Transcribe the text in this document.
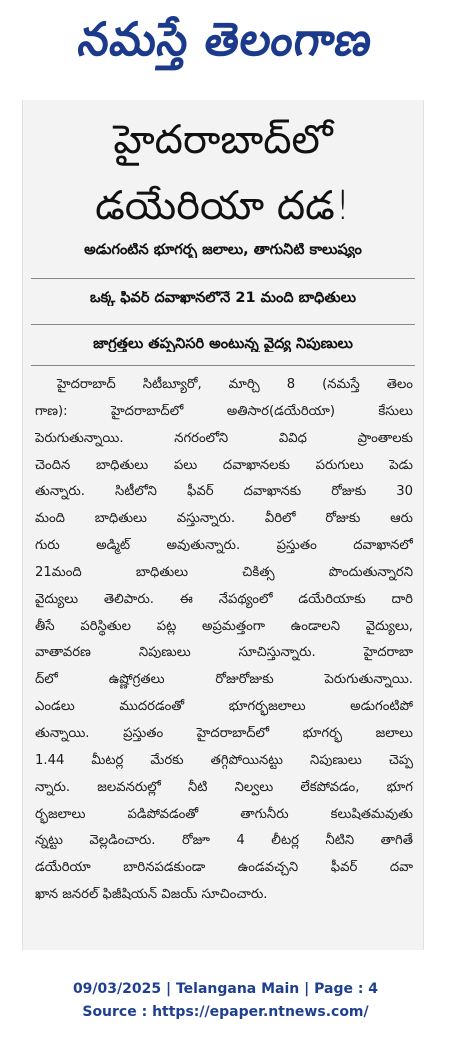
నమస్తే తెలంగాణ
హైదరాబాద్‌లో
డయేరియా దడ!
అడుగంటిన భూగర్భ జలాలు, తాగునీటి కాలుష్యం
ఒక్క ఫీవర్‌ దవాఖానలోనే 21 మంది బాధితులు
జాగ్రత్తలు తప్పనిసరి అంటున్న వైద్య నిపుణులు
హైదరాబాద్‌ సిటీబ్యూరో, మార్చి 8 (నమస్తే తెలం
గాణ): హైదరాబాద్‌లో అతిసార(డయేరియా) కేసులు
పెరుగుతున్నాయి. నగరంలోని వివిధ ప్రాంతాలకు
చెందిన బాధితులు పలు దవాఖానలకు పరుగులు పెడు
తున్నారు. సిటీలోని ఫీవర్‌ దవాఖానకు రోజుకు 30
మంది బాధితులు వస్తున్నారు. వీరిలో రోజుకు ఆరు
గురు అడ్మిట్‌ అవుతున్నారు. ప్రస్తుతం దవాఖానలో
21మంది బాధితులు చికిత్స పొందుతున్నారని
వైద్యులు తెలిపారు. ఈ నేపథ్యంలో డయేరియాకు దారి
తీసే పరిస్థితుల పట్ల అప్రమత్తంగా ఉండాలని వైద్యులు,
వాతావరణ నిపుణులు సూచిస్తున్నారు. హైదరాబా
ద్‌లో ఉష్ణోగ్రతలు రోజురోజుకు పెరుగుతున్నాయి.
ఎండలు ముదరడంతో భూగర్భజలాలు అడుగంటిపో
తున్నాయి. ప్రస్తుతం హైదరాబాద్‌లో భూగర్భ జలాలు
1.44 మీటర్ల మేరకు తగ్గిపోయినట్టు నిపుణులు చెప్ప
న్నారు. జలవనరుల్లో నీటి నిల్వలు లేకపోవడం, భూగ
ర్భజలాలు పడిపోవడంతో తాగునీరు కలుషితమవుతు
న్నట్టు వెల్లడించారు. రోజూ 4 లీటర్ల నీటిని తాగితే
డయేరియా బారినపడకుండా ఉండవచ్చని ఫీవర్‌ దవా
ఖాన జనరల్‌ ఫిజీషియన్‌ విజయ్‌ సూచించారు.
09/03/2025 | Telangana Main | Page : 4
Source : https://epaper.ntnews.com/
